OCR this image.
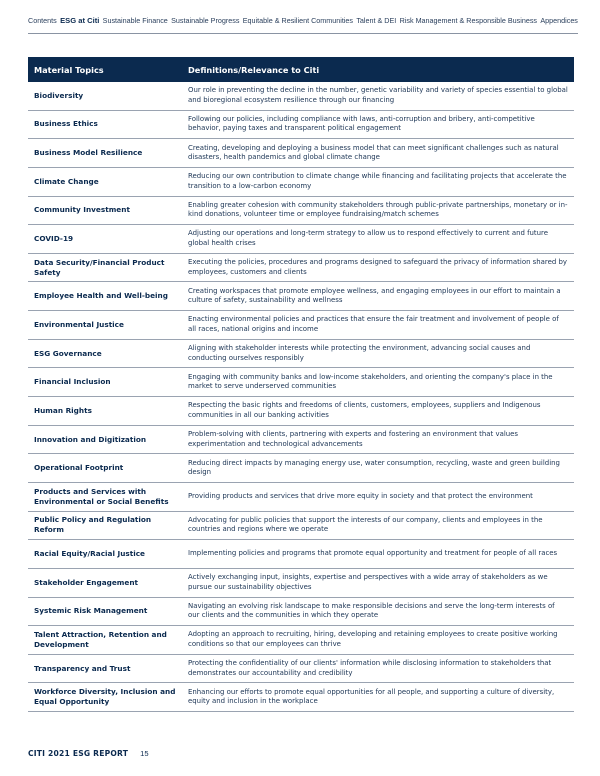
Contents ESG at Citi Sustainable Finance Sustainable Progress Equitable & Resilient Communities Talent & DEI Risk Management & Responsible Business Appendices
Material Topics	Definitions/Relevance to Citi
Biodiversity
Our role in preventing the decline in the number, genetic variability and variety of species essential to global and bioregional ecosystem resilience through our financing
Business Ethics
Following our policies, including compliance with laws, anti-corruption and bribery, anti-competitive behavior, paying taxes and transparent political engagement
Business Model Resilience
Creating, developing and deploying a business model that can meet significant challenges such as natural disasters, health pandemics and global climate change
Climate Change
Reducing our own contribution to climate change while financing and facilitating projects that accelerate the transition to a low-carbon economy
Community Investment
Enabling greater cohesion with community stakeholders through public-private partnerships, monetary or in-kind donations, volunteer time or employee fundraising/match schemes
COVID-19
Adjusting our operations and long-term strategy to allow us to respond effectively to current and future global health crises
Data Security/Financial Product Safety
Executing the policies, procedures and programs designed to safeguard the privacy of information shared by employees, customers and clients
Employee Health and Well-being
Creating workspaces that promote employee wellness, and engaging employees in our effort to maintain a culture of safety, sustainability and wellness
Environmental Justice
Enacting environmental policies and practices that ensure the fair treatment and involvement of people of all races, national origins and income
ESG Governance
Aligning with stakeholder interests while protecting the environment, advancing social causes and conducting ourselves responsibly
Financial Inclusion
Engaging with community banks and low-income stakeholders, and orienting the company's place in the market to serve underserved communities
Human Rights
Respecting the basic rights and freedoms of clients, customers, employees, suppliers and Indigenous communities in all our banking activities
Innovation and Digitization
Problem-solving with clients, partnering with experts and fostering an environment that values experimentation and technological advancements
Operational Footprint
Reducing direct impacts by managing energy use, water consumption, recycling, waste and green building design
Products and Services with Environmental or Social Benefits
Providing products and services that drive more equity in society and that protect the environment
Public Policy and Regulation Reform
Advocating for public policies that support the interests of our company, clients and employees in the countries and regions where we operate
Racial Equity/Racial Justice	Implementing policies and programs that promote equal opportunity and treatment for people of all races
Stakeholder Engagement
Actively exchanging input, insights, expertise and perspectives with a wide array of stakeholders as we pursue our sustainability objectives
Systemic Risk Management
Navigating an evolving risk landscape to make responsible decisions and serve the long-term interests of our clients and the communities in which they operate
Talent Attraction, Retention and Development
Adopting an approach to recruiting, hiring, developing and retaining employees to create positive working conditions so that our employees can thrive
Transparency and Trust
Protecting the confidentiality of our clients' information while disclosing information to stakeholders that demonstrates our accountability and credibility
Workforce Diversity, Inclusion and Equal Opportunity
Enhancing our efforts to promote equal opportunities for all people, and supporting a culture of diversity, equity and inclusion in the workplace
CITI 2021 ESG REPORT 15
